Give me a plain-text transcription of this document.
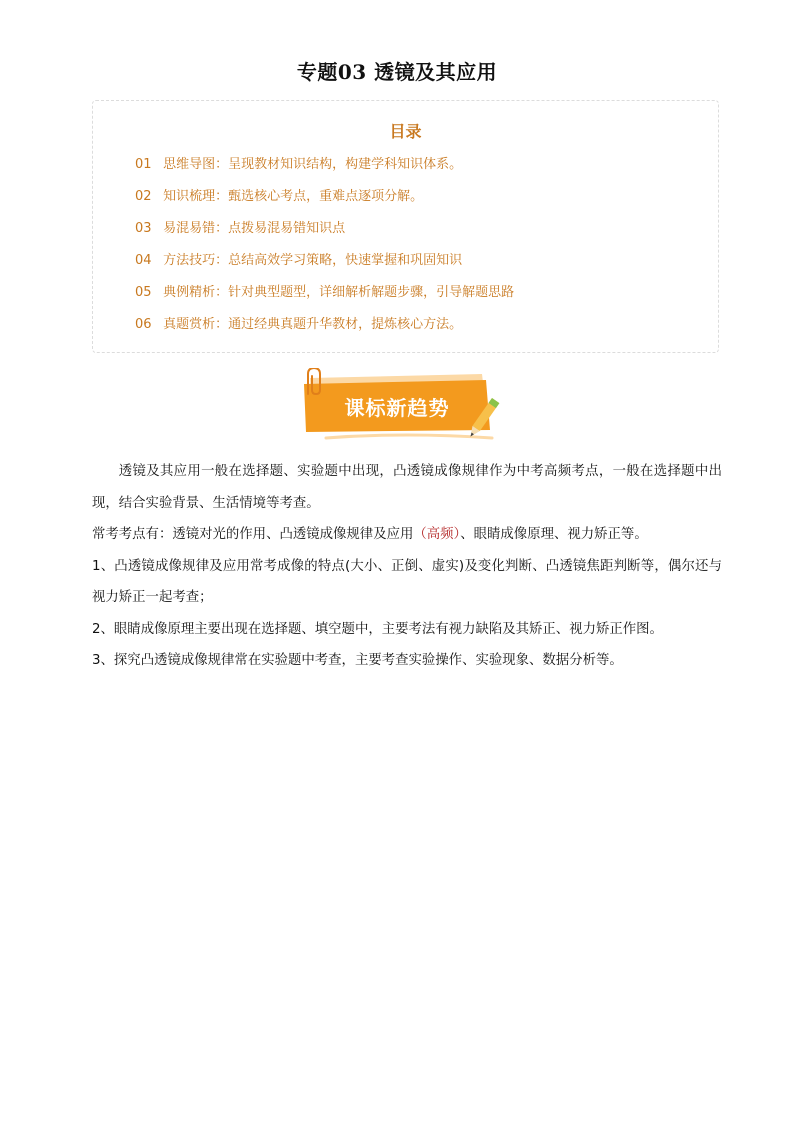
专题03 透镜及其应用
目录
01 思维导图：呈现教材知识结构，构建学科知识体系。
02 知识梳理：甄选核心考点，重难点逐项分解。
03 易混易错：点拨易混易错知识点
04 方法技巧：总结高效学习策略，快速掌握和巩固知识
05 典例精析：针对典型题型，详细解析解题步骤，引导解题思路
06 真题赏析：通过经典真题升华教材，提炼核心方法。
课标新趋势

透镜及其应用一般在选择题、实验题中出现，凸透镜成像规律作为中考高频考点，一般在选择题中出现，结合实验背景、生活情境等考查。

常考考点有：透镜对光的作用、凸透镜成像规律及应用（高频）、眼睛成像原理、视力矫正等。

1、凸透镜成像规律及应用常考成像的特点(大小、正倒、虚实)及变化判断、凸透镜焦距判断等，偶尔还与视力矫正一起考查；

2、眼睛成像原理主要出现在选择题、填空题中，主要考法有视力缺陷及其矫正、视力矫正作图。

3、探究凸透镜成像规律常在实验题中考查，主要考查实验操作、实验现象、数据分析等。
